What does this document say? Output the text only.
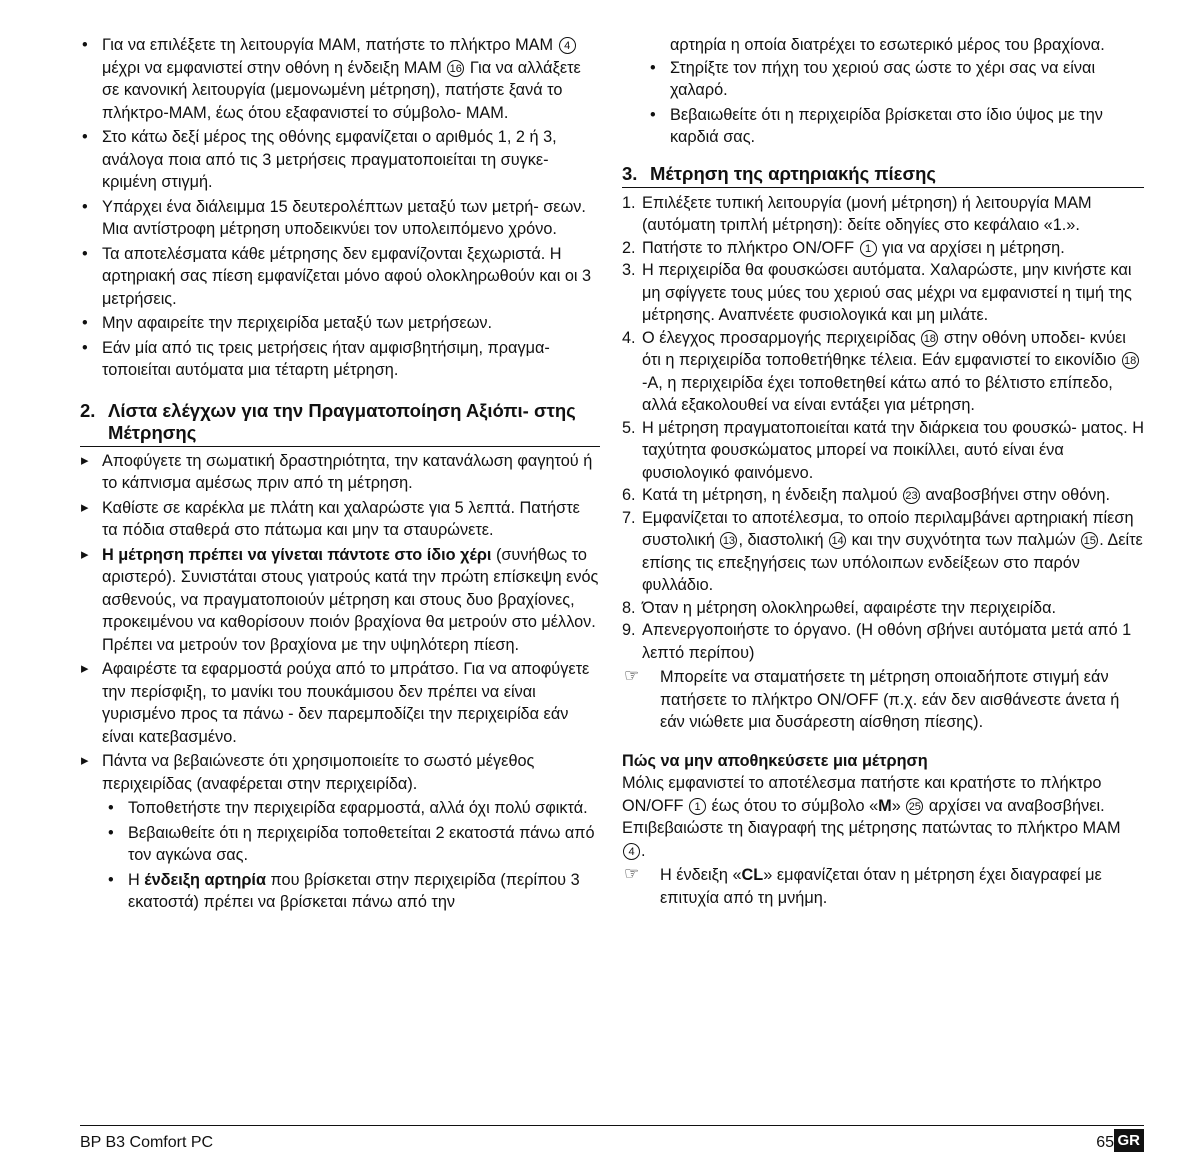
• Για να επιλέξετε τη λειτουργία MAM, πατήστε το πλήκτρο MAM 4 μέχρι να εμφανιστεί στην οθόνη η ένδειξη MAM 16 Για να αλλάξετε σε κανονική λειτουργία (μεμονωμένη μέτρηση), πατήστε ξανά το πλήκτρο-MAM, έως ότου εξαφανιστεί το σύμβολο- MAM.
• Στο κάτω δεξί μέρος της οθόνης εμφανίζεται ο αριθμός 1, 2 ή 3, ανάλογα ποια από τις 3 μετρήσεις πραγματοποιείται τη συγκε- κριμένη στιγμή.
• Υπάρχει ένα διάλειμμα 15 δευτερολέπτων μεταξύ των μετρή- σεων. Μια αντίστροφη μέτρηση υποδεικνύει τον υπολειπόμενο χρόνο.
• Τα αποτελέσματα κάθε μέτρησης δεν εμφανίζονται ξεχωριστά. Η αρτηριακή σας πίεση εμφανίζεται μόνο αφού ολοκληρωθούν και οι 3 μετρήσεις.
• Μην αφαιρείτε την περιχειρίδα μεταξύ των μετρήσεων.
• Εάν μία από τις τρεις μετρήσεις ήταν αμφισβητήσιμη, πραγμα- τοποιείται αυτόματα μια τέταρτη μέτρηση.
2. Λίστα ελέγχων για την Πραγματοποίηση Αξιόπι- στης Μέτρησης
▸ Αποφύγετε τη σωματική δραστηριότητα, την κατανάλωση φαγητού ή το κάπνισμα αμέσως πριν από τη μέτρηση.
▸ Καθίστε σε καρέκλα με πλάτη και χαλαρώστε για 5 λεπτά. Πατήστε τα πόδια σταθερά στο πάτωμα και μην τα σταυρώνετε.
▸ Η μέτρηση πρέπει να γίνεται πάντοτε στο ίδιο χέρι (συνήθως το αριστερό). Συνιστάται στους γιατρούς κατά την πρώτη επίσκεψη ενός ασθενούς, να πραγματοποιούν μέτρηση και στους δυο βραχίονες, προκειμένου να καθορίσουν ποιόν βραχίονα θα μετρούν στο μέλλον. Πρέπει να μετρούν τον βραχίονα με την υψηλότερη πίεση.
▸ Αφαιρέστε τα εφαρμοστά ρούχα από το μπράτσο. Για να αποφύγετε την περίσφιξη, το μανίκι του πουκάμισου δεν πρέπει να είναι γυρισμένο προς τα πάνω - δεν παρεμποδίζει την περιχειρίδα εάν είναι κατεβασμένο.
▸ Πάντα να βεβαιώνεστε ότι χρησιμοποιείτε το σωστό μέγεθος περιχειρίδας (αναφέρεται στην περιχειρίδα).
• Τοποθετήστε την περιχειρίδα εφαρμοστά, αλλά όχι πολύ σφικτά.
• Βεβαιωθείτε ότι η περιχειρίδα τοποθετείται 2 εκατοστά πάνω από τον αγκώνα σας.
• Η ένδειξη αρτηρία που βρίσκεται στην περιχειρίδα (περίπου 3 εκατοστά) πρέπει να βρίσκεται πάνω από την
αρτηρία η οποία διατρέχει το εσωτερικό μέρος του βραχίονα.
• Στηρίξτε τον πήχη του χεριού σας ώστε το χέρι σας να είναι χαλαρό.
• Βεβαιωθείτε ότι η περιχειρίδα βρίσκεται στο ίδιο ύψος με την καρδιά σας.
3. Μέτρηση της αρτηριακής πίεσης
1. Επιλέξετε τυπική λειτουργία (μονή μέτρηση) ή λειτουργία MAM (αυτόματη τριπλή μέτρηση): δείτε οδηγίες στο κεφάλαιο «1.».
2. Πατήστε το πλήκτρο ON/OFF 1 για να αρχίσει η μέτρηση.
3. Η περιχειρίδα θα φουσκώσει αυτόματα. Χαλαρώστε, μην κινήστε και μη σφίγγετε τους μύες του χεριού σας μέχρι να εμφανιστεί η τιμή της μέτρησης. Αναπνέετε φυσιολογικά και μη μιλάτε.
4. Ο έλεγχος προσαρμογής περιχειρίδας 18 στην οθόνη υποδει- κνύει ότι η περιχειρίδα τοποθετήθηκε τέλεια. Εάν εμφανιστεί το εικονίδιο 18-A, η περιχειρίδα έχει τοποθετηθεί κάτω από το βέλτιστο επίπεδο, αλλά εξακολουθεί να είναι εντάξει για μέτρηση.
5. Η μέτρηση πραγματοποιείται κατά την διάρκεια του φουσκώ- ματος. Η ταχύτητα φουσκώματος μπορεί να ποικίλλει, αυτό είναι ένα φυσιολογικό φαινόμενο.
6. Κατά τη μέτρηση, η ένδειξη παλμού 23 αναβοσβήνει στην οθόνη.
7. Εμφανίζεται το αποτέλεσμα, το οποίο περιλαμβάνει αρτηριακή πίεση συστολική 13 , διαστολική 14 και την συχνότητα των παλμών 15 . Δείτε επίσης τις επεξηγήσεις των υπόλοιπων ενδείξεων στο παρόν φυλλάδιο.
8. Όταν η μέτρηση ολοκληρωθεί, αφαιρέστε την περιχειρίδα.
9. Απενεργοποιήστε το όργανο. (Η οθόνη σβήνει αυτόματα μετά από 1 λεπτό περίπου)
☞ Μπορείτε να σταματήσετε τη μέτρηση οποιαδήποτε στιγμή εάν πατήσετε το πλήκτρο ON/OFF (π.χ. εάν δεν αισθάνεστε άνετα ή εάν νιώθετε μια δυσάρεστη αίσθηση πίεσης).
Πώς να μην αποθηκεύσετε μια μέτρηση
Μόλις εμφανιστεί το αποτέλεσμα πατήστε και κρατήστε το πλήκτρο ON/OFF 1 έως ότου το σύμβολο «M» 25 αρχίσει να αναβοσβήνει. Επιβεβαιώστε τη διαγραφή της μέτρησης πατώντας το πλήκτρο MAM 4 .
☞ Η ένδειξη «CL» εμφανίζεται όταν η μέτρηση έχει διαγραφεί με επιτυχία από τη μνήμη.
BP B3 Comfort PC	65 GR
